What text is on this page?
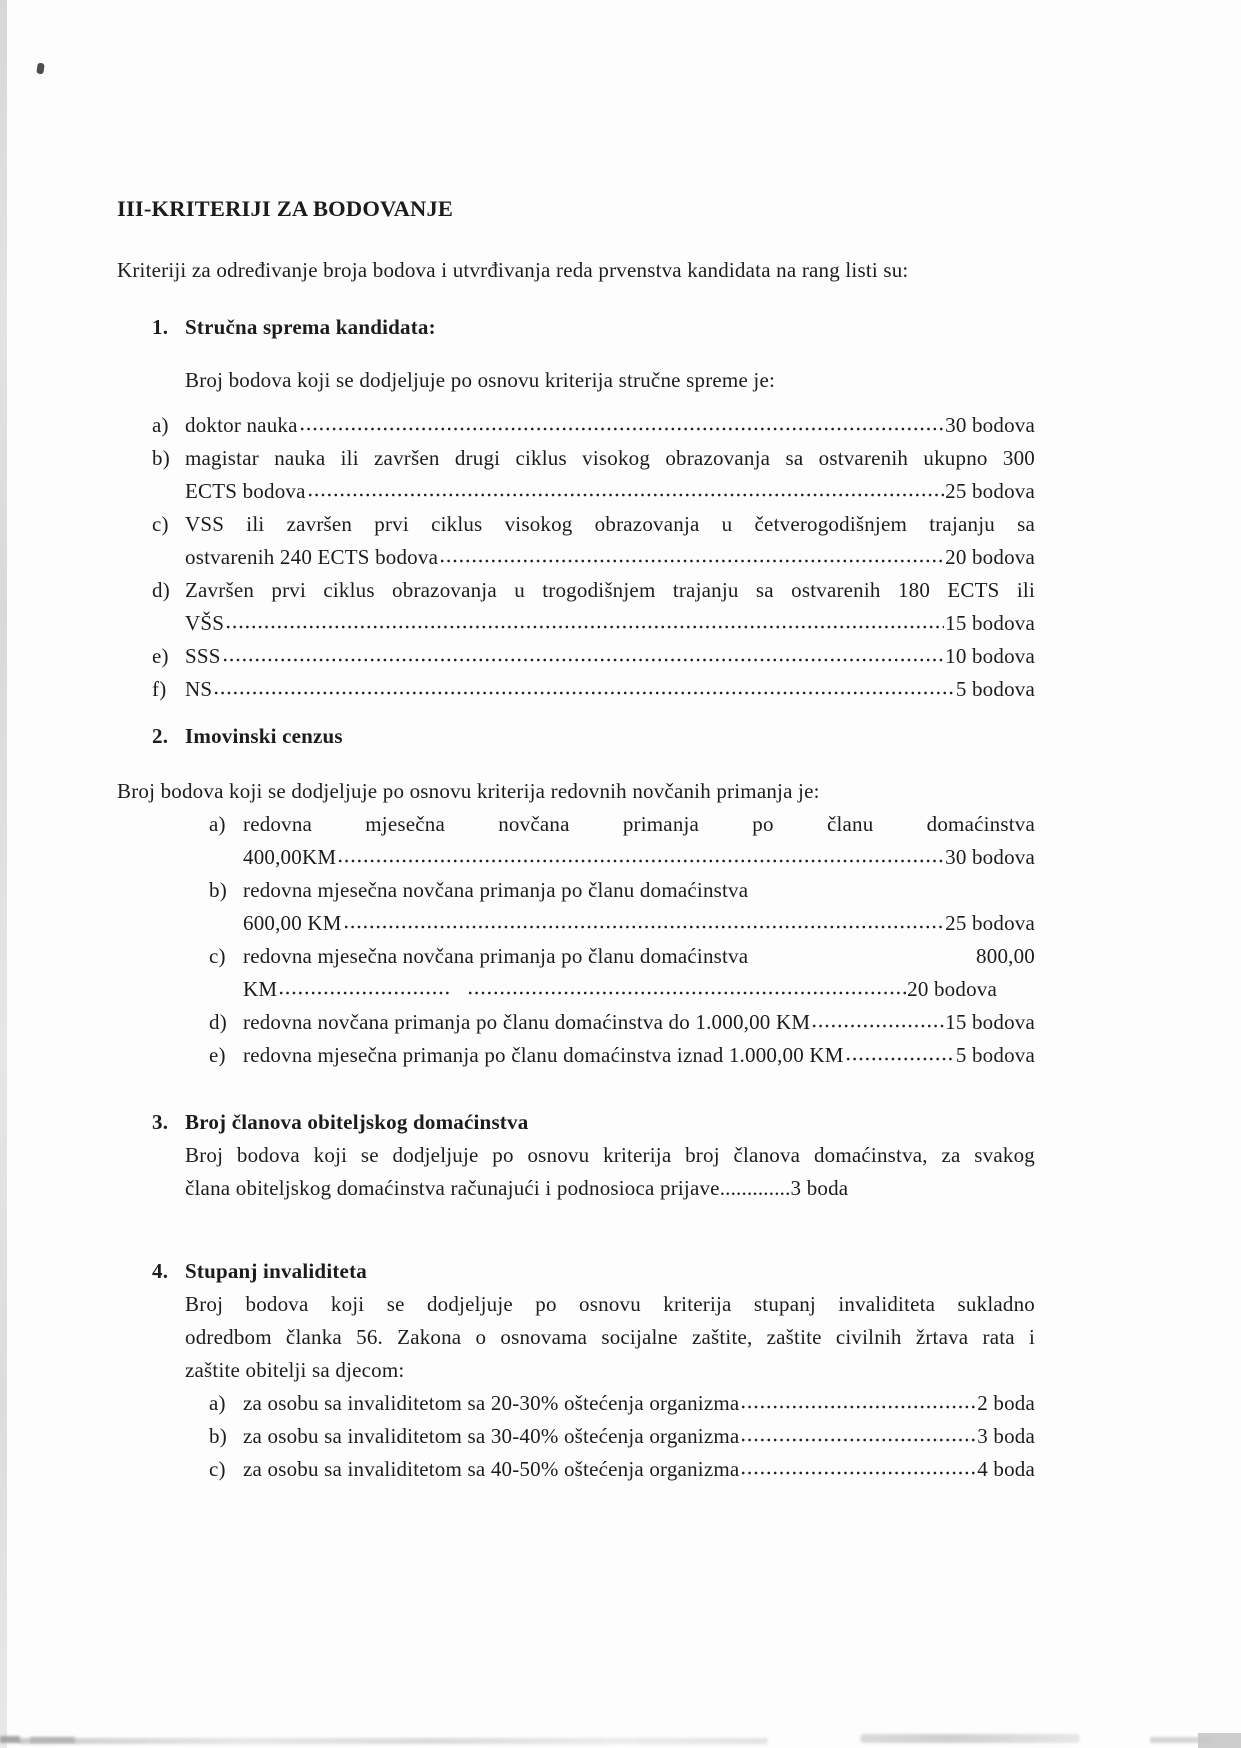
III-KRITERIJI ZA BODOVANJE

Kriteriji za određivanje broja bodova i utvrđivanja reda prvenstva kandidata na rang listi su:

1. Stručna sprema kandidata:

Broj bodova koji se dodjeljuje po osnovu kriterija stručne spreme je:

a) doktor nauka	30 bodova
b) magistar nauka ili završen drugi ciklus visokog obrazovanja sa ostvarenih ukupno 300
ECTS bodova	25 bodova
c) VSS ili završen prvi ciklus visokog obrazovanja u četverogodišnjem trajanju sa
ostvarenih 240 ECTS bodova	20 bodova
d) Završen prvi ciklus obrazovanja u trogodišnjem trajanju sa ostvarenih 180 ECTS ili
VŠS	15 bodova
e) SSS	10 bodova
f) NS	5 bodova
2. Imovinski cenzus

Broj bodova koji se dodjeljuje po osnovu kriterija redovnih novčanih primanja je:

a) redovna mjesečna novčana primanja po članu domaćinstva
400,00KM	30 bodova
b) redovna mjesečna novčana primanja po članu domaćinstva
600,00 KM	25 bodova
c) redovna mjesečna novčana primanja po članu domaćinstva	800,00
KM	20 bodova
d) redovna novčana primanja po članu domaćinstva do 1.000,00 KM	15 bodova
e) redovna mjesečna primanja po članu domaćinstva iznad 1.000,00 KM	5 bodova
3. Broj članova obiteljskog domaćinstva
Broj bodova koji se dodjeljuje po osnovu kriterija broj članova domaćinstva, za svakog
člana obiteljskog domaćinstva računajući i podnosioca prijave.............3 boda
4. Stupanj invaliditeta
Broj bodova koji se dodjeljuje po osnovu kriterija stupanj invaliditeta sukladno
odredbom članka 56. Zakona o osnovama socijalne zaštite, zaštite civilnih žrtava rata i
zaštite obitelji sa djecom:
a) za osobu sa invaliditetom sa 20-30% oštećenja organizma	2 boda
b) za osobu sa invaliditetom sa 30-40% oštećenja organizma	3 boda
c) za osobu sa invaliditetom sa 40-50% oštećenja organizma	4 boda
